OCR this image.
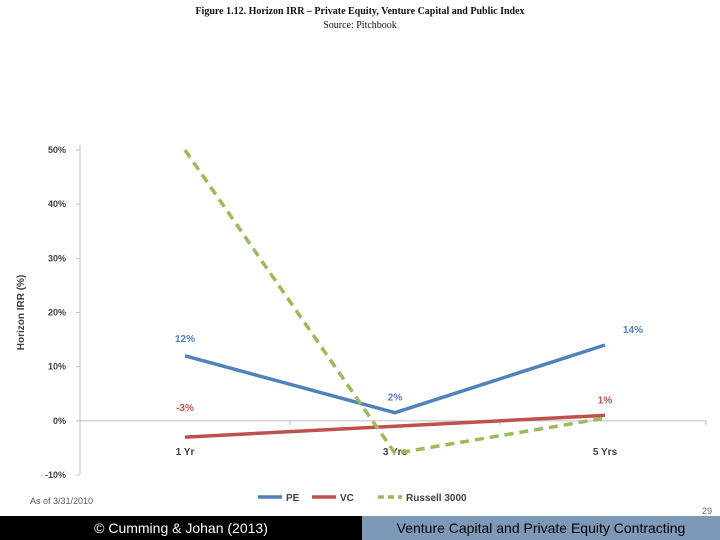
Figure 1.12. Horizon IRR – Private Equity, Venture Capital and Public Index
Source: Pitchbook
-10%
0%
10%
20%
30%
40%
50%
Horizon IRR (%)
1 Yr	3 Yrs	5 Yrs
12%
2%
14%
-3%
1%
PE	VC	Russell 3000
As of 3/31/2010
29
© Cumming & Johan (2013)	Venture Capital and Private Equity Contracting
